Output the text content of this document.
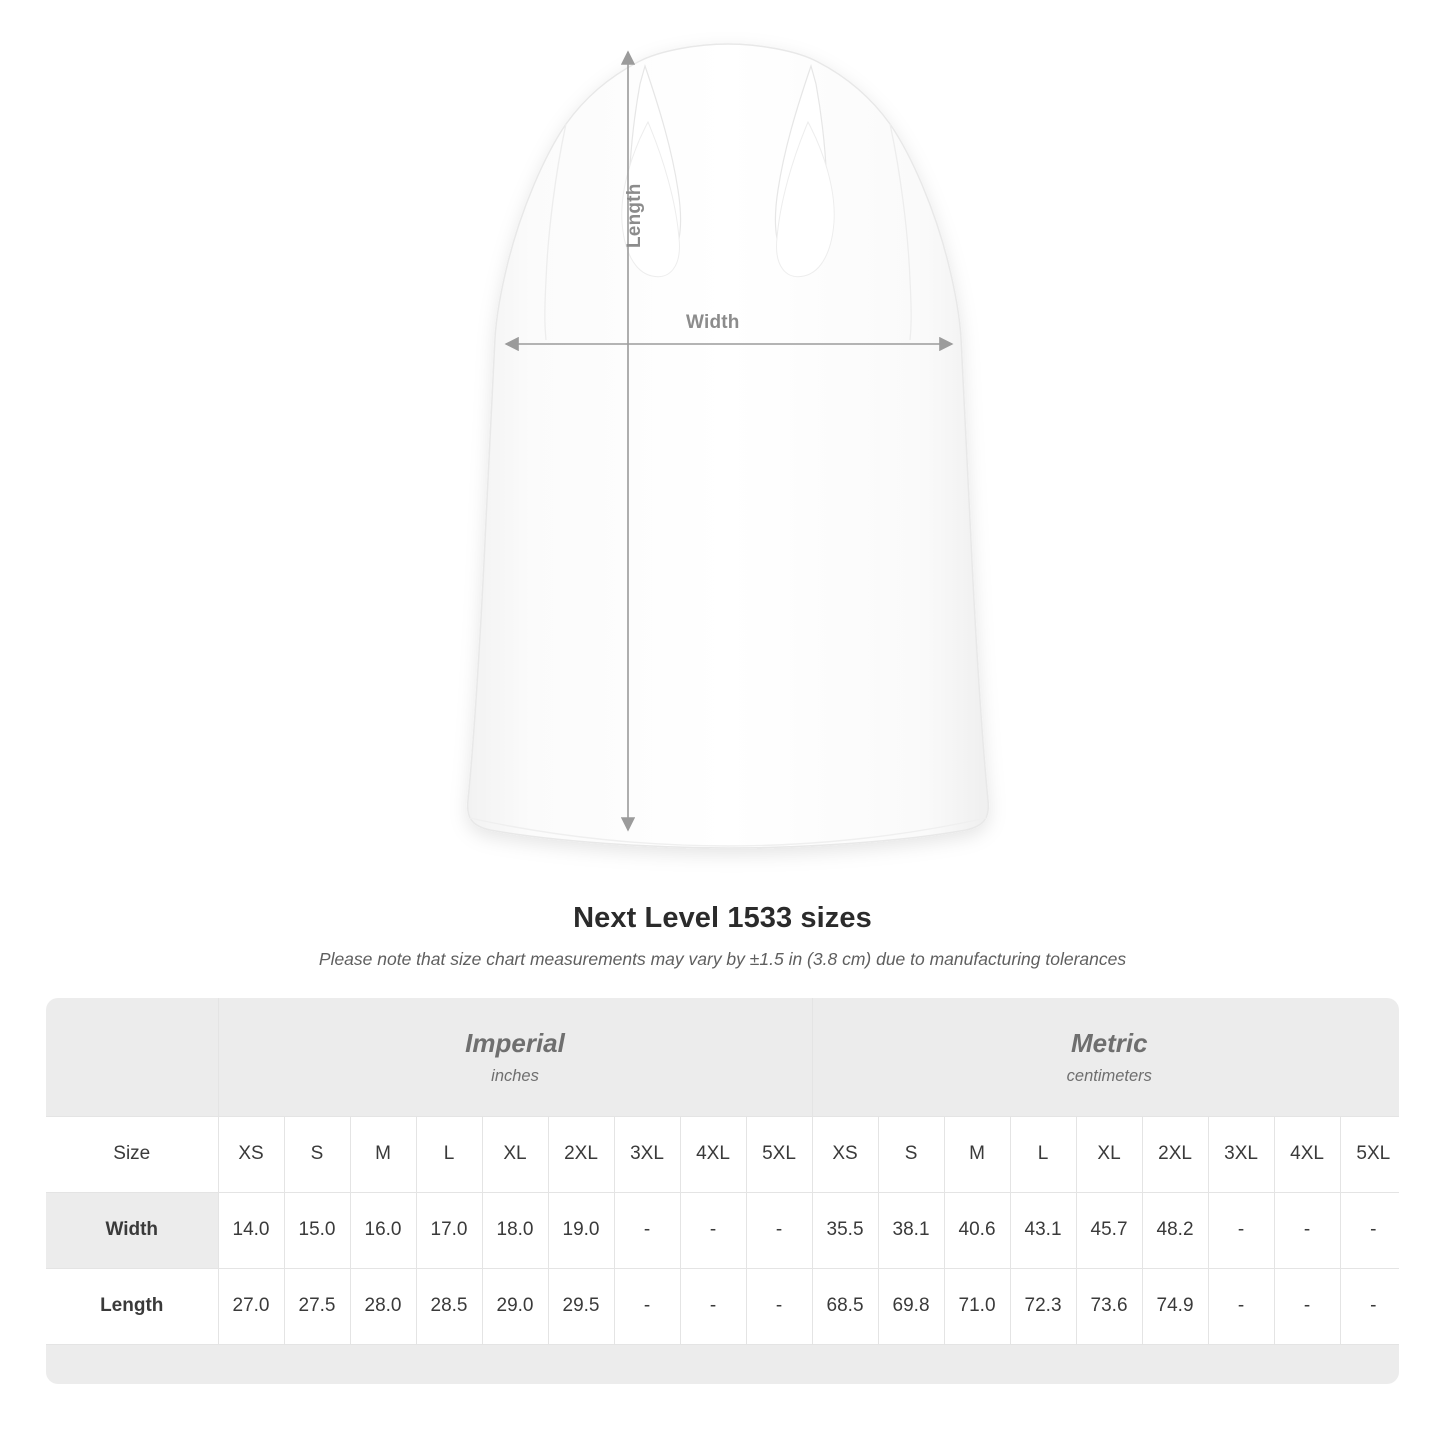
Length
Width
Next Level 1533 sizes
Please note that size chart measurements may vary by ±1.5 in (3.8 cm) due to manufacturing tolerances

Imperial
inches

Metric
centimeters

Size	XS	S	M	L	XL	2XL	3XL	4XL	5XL	XS	S	M	L	XL	2XL	3XL	4XL	5XL
Width	14.0	15.0	16.0	17.0	18.0	19.0	-	-	-	35.5	38.1	40.6	43.1	45.7	48.2	-	-	-
Length	27.0	27.5	28.0	28.5	29.0	29.5	-	-	-	68.5	69.8	71.0	72.3	73.6	74.9	-	-	-
